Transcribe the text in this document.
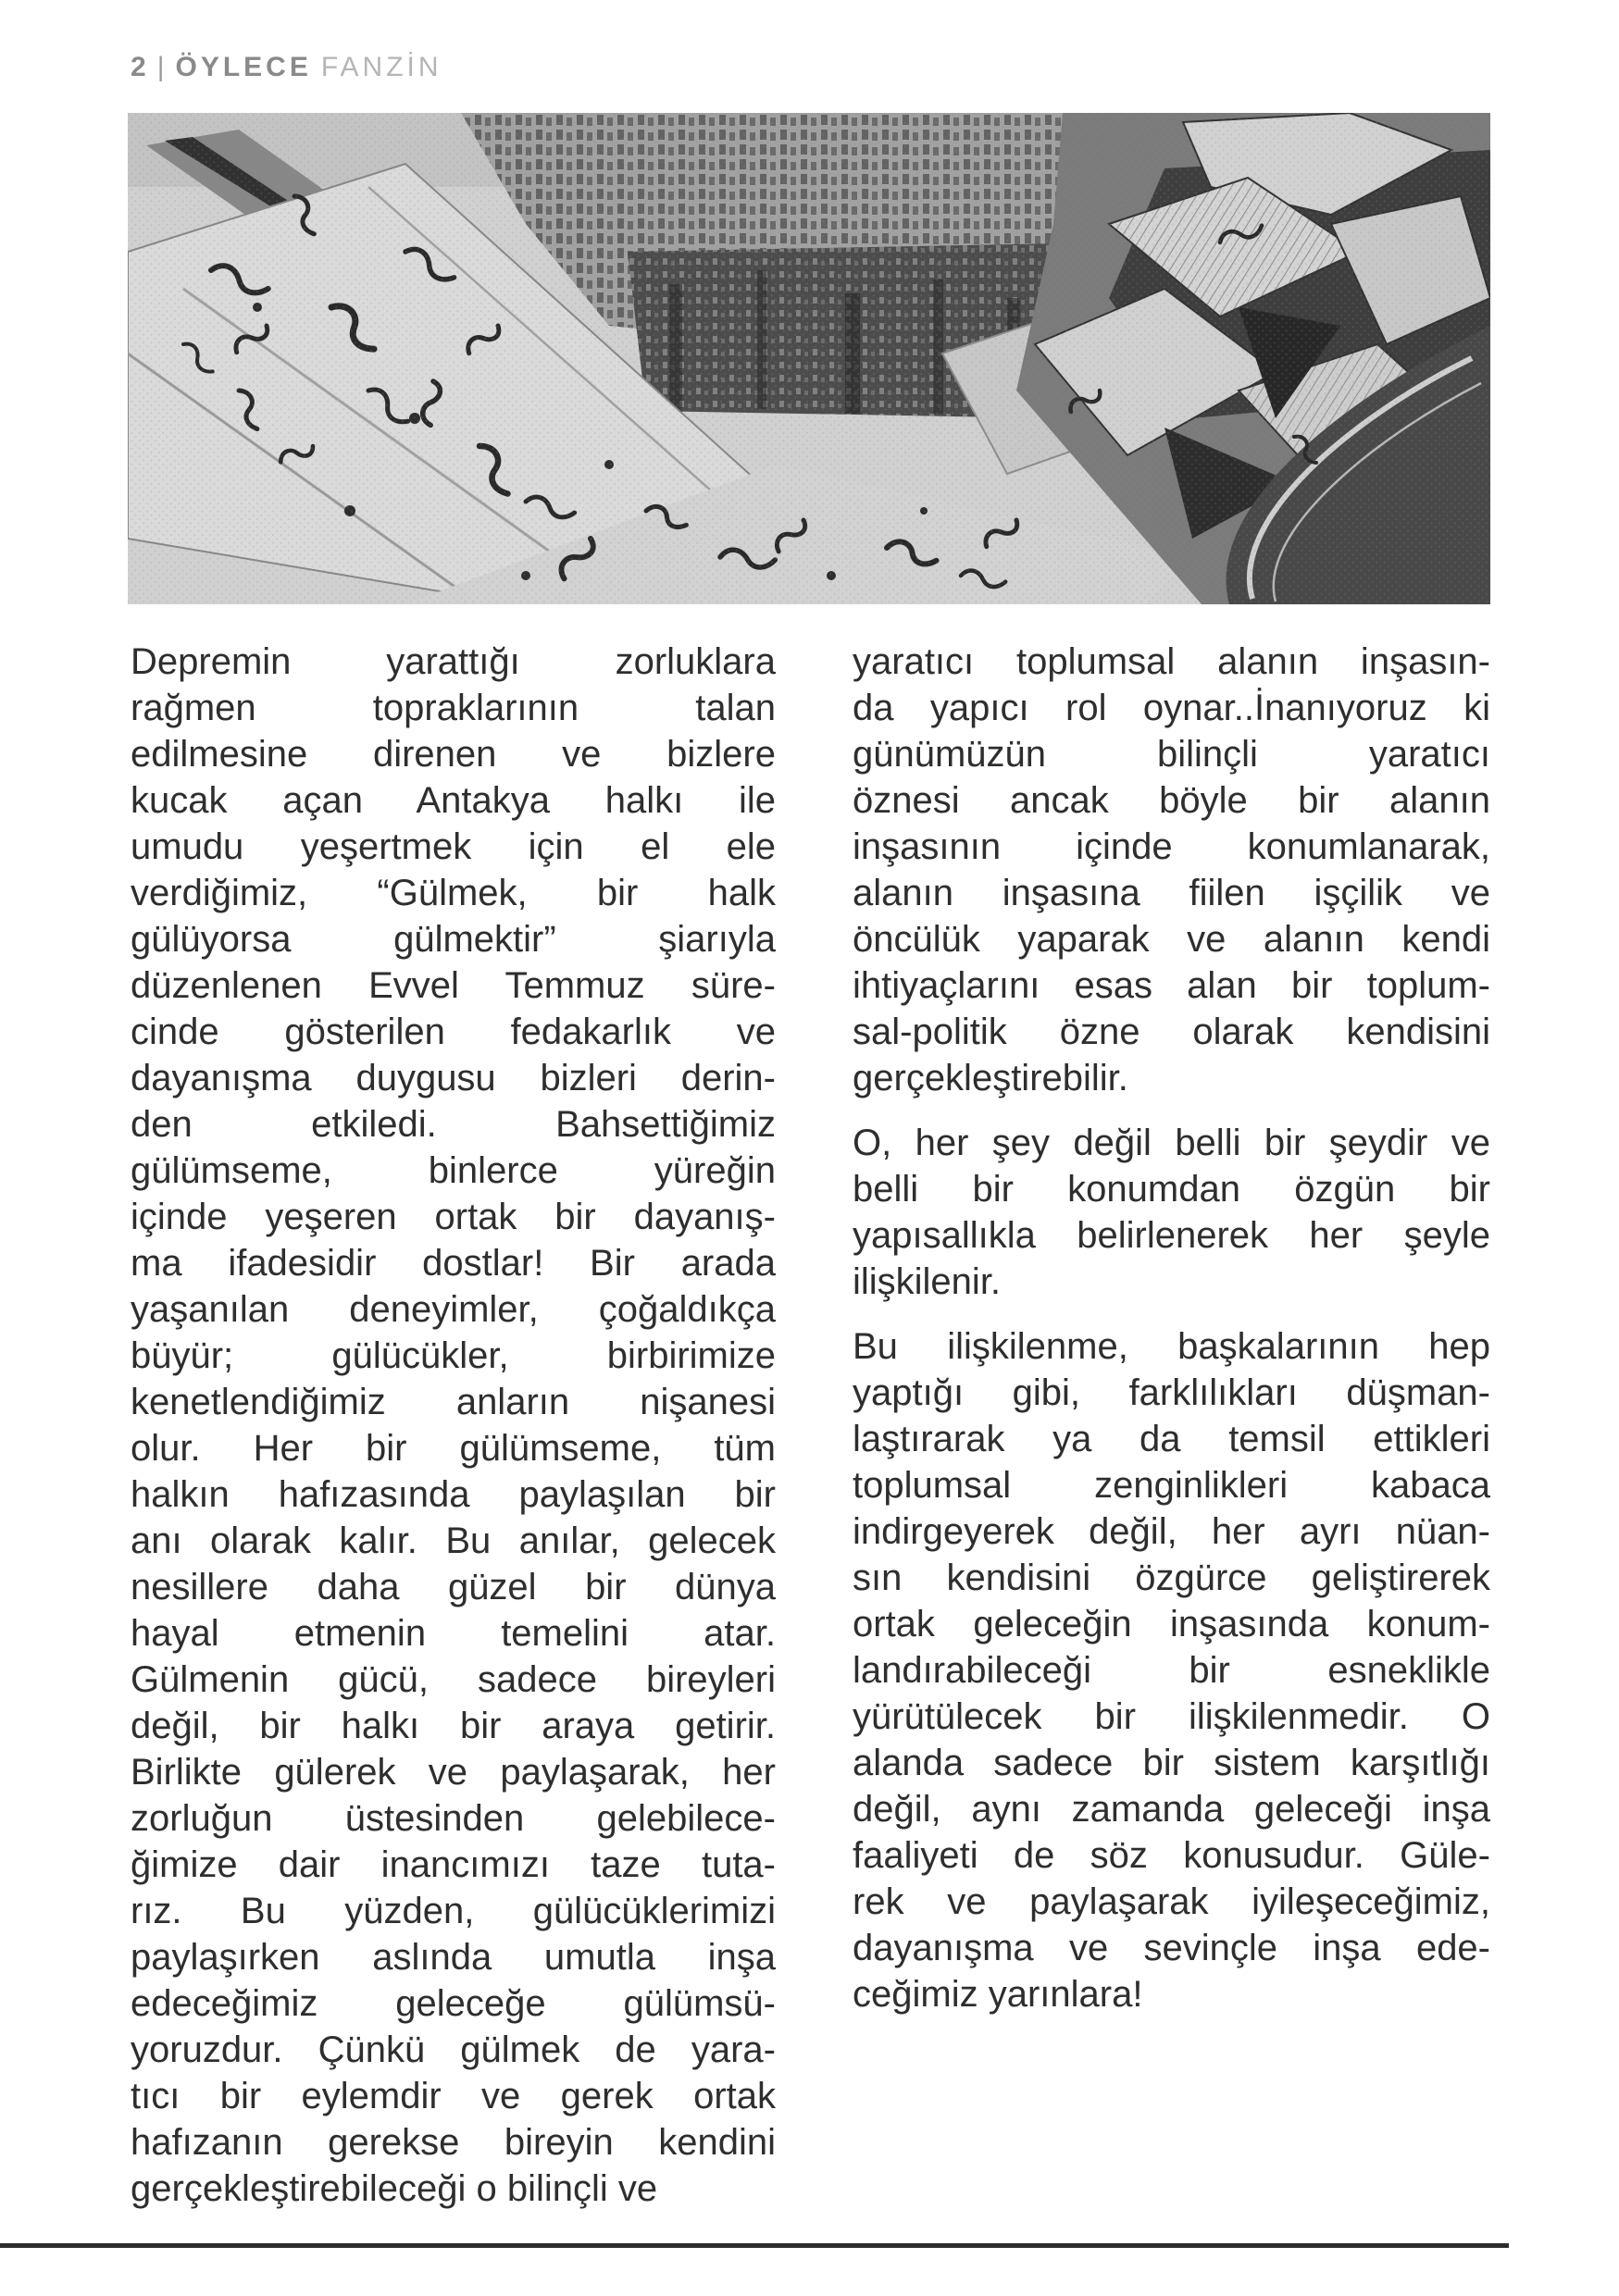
2 | ÖYLECE FANZİN
Depremin yarattığı zorluklara
rağmen topraklarının talan
edilmesine direnen ve bizlere
kucak açan Antakya halkı ile
umudu yeşertmek için el ele
verdiğimiz, “Gülmek, bir halk
gülüyorsa gülmektir” şiarıyla
düzenlenen Evvel Temmuz süre-
cinde gösterilen fedakarlık ve
dayanışma duygusu bizleri derin-
den etkiledi. Bahsettiğimiz
gülümseme, binlerce yüreğin
içinde yeşeren ortak bir dayanış-
ma ifadesidir dostlar! Bir arada
yaşanılan deneyimler, çoğaldıkça
büyür; gülücükler, birbirimize
kenetlendiğimiz anların nişanesi
olur. Her bir gülümseme, tüm
halkın hafızasında paylaşılan bir
anı olarak kalır. Bu anılar, gelecek
nesillere daha güzel bir dünya
hayal etmenin temelini atar.
Gülmenin gücü, sadece bireyleri
değil, bir halkı bir araya getirir.
Birlikte gülerek ve paylaşarak, her
zorluğun üstesinden gelebilece-
ğimize dair inancımızı taze tuta-
rız. Bu yüzden, gülücüklerimizi
paylaşırken aslında umutla inşa
edeceğimiz geleceğe gülümsü-
yoruzdur. Çünkü gülmek de yara-
tıcı bir eylemdir ve gerek ortak
hafızanın gerekse bireyin kendini
gerçekleştirebileceği o bilinçli ve
yaratıcı toplumsal alanın inşasın-
da yapıcı rol oynar..İnanıyoruz ki
günümüzün bilinçli yaratıcı
öznesi ancak böyle bir alanın
inşasının içinde konumlanarak,
alanın inşasına fiilen işçilik ve
öncülük yaparak ve alanın kendi
ihtiyaçlarını esas alan bir toplum-
sal-politik özne olarak kendisini
gerçekleştirebilir.
O, her şey değil belli bir şeydir ve
belli bir konumdan özgün bir
yapısallıkla belirlenerek her şeyle
ilişkilenir.
Bu ilişkilenme, başkalarının hep
yaptığı gibi, farklılıkları düşman-
laştırarak ya da temsil ettikleri
toplumsal zenginlikleri kabaca
indirgeyerek değil, her ayrı nüan-
sın kendisini özgürce geliştirerek
ortak geleceğin inşasında konum-
landırabileceği bir esneklikle
yürütülecek bir ilişkilenmedir. O
alanda sadece bir sistem karşıtlığı
değil, aynı zamanda geleceği inşa
faaliyeti de söz konusudur. Güle-
rek ve paylaşarak iyileşeceğimiz,
dayanışma ve sevinçle inşa ede-
ceğimiz yarınlara!
